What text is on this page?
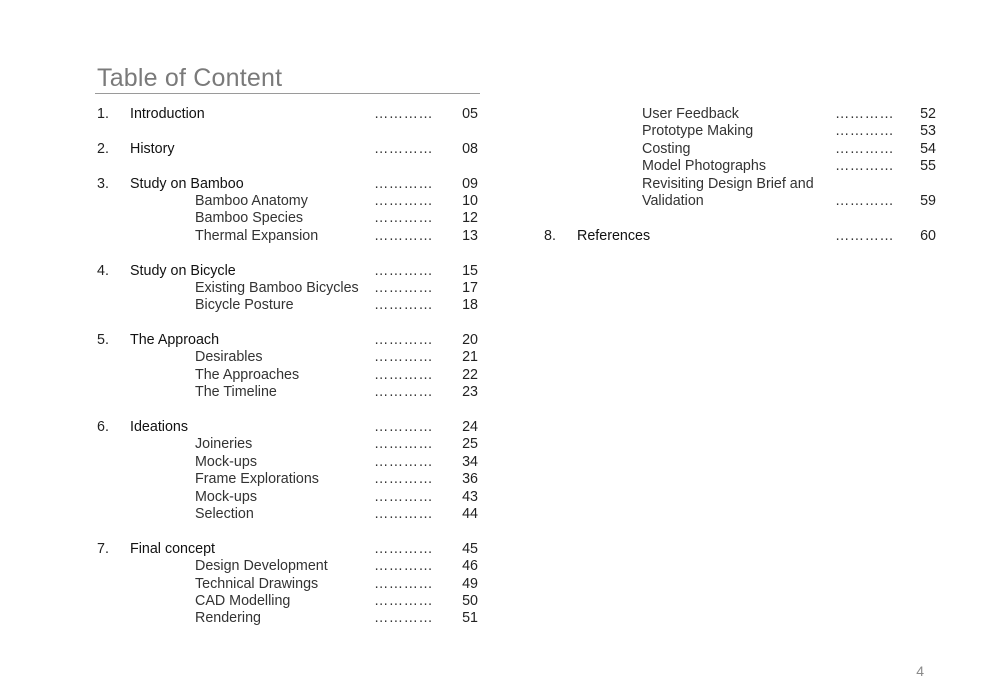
Table of Content
1. Introduction	………… 05
2. History	………… 08
3. Study on Bamboo	………… 09
Bamboo Anatomy	………… 10
Bamboo Species	………… 12
Thermal Expansion	………… 13
4. Study on Bicycle	………… 15
Existing Bamboo Bicycles ………… 17
Bicycle Posture	………… 18
5. The Approach	………… 20
Desirables	………… 21
The Approaches	………… 22
The Timeline	………… 23
6. Ideations	………… 24
Joineries	………… 25
Mock-ups	………… 34
Frame Explorations	………… 36
Mock-ups	………… 43
Selection	………… 44
7. Final concept	………… 45
Design Development	………… 46
Technical Drawings	………… 49
CAD Modelling	………… 50
Rendering	………… 51
User Feedback	………… 52
Prototype Making	………… 53
Costing	………… 54
Model Photographs	………… 55
Revisiting Design Brief and
Validation	………… 59
8. References	………… 60
4
